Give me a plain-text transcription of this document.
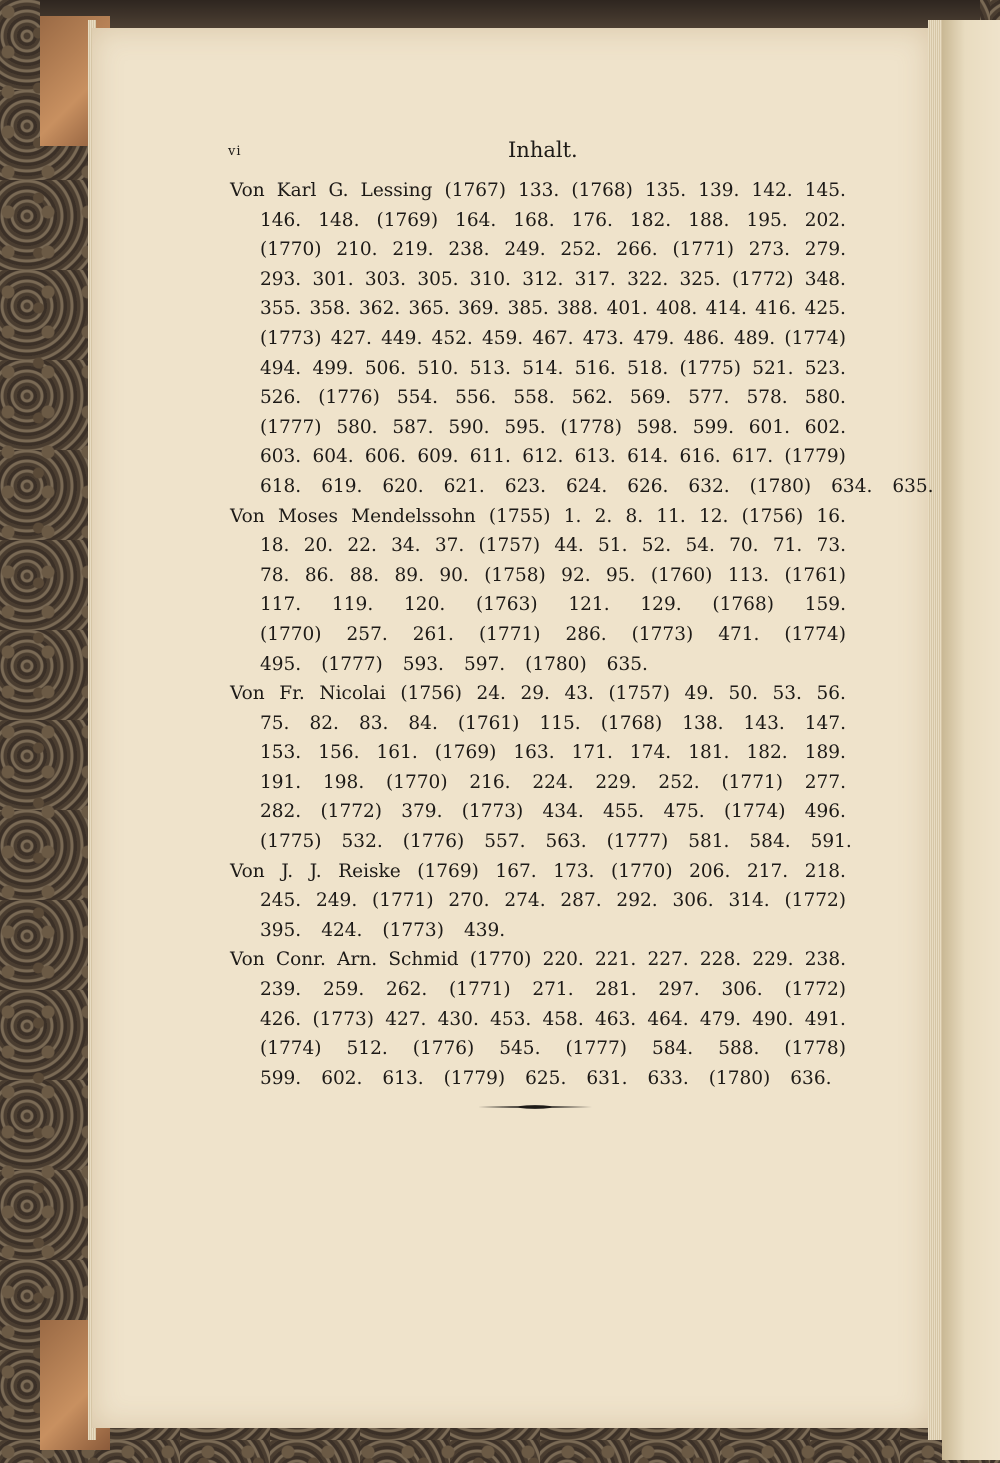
vi	Inhalt.
Von Karl G. Lessing (1767) 133. (1768) 135. 139. 142. 145.
146. 148. (1769) 164. 168. 176. 182. 188. 195. 202.
(1770) 210. 219. 238. 249. 252. 266. (1771) 273. 279.
293. 301. 303. 305. 310. 312. 317. 322. 325. (1772) 348.
355. 358. 362. 365. 369. 385. 388. 401. 408. 414. 416. 425.
(1773) 427. 449. 452. 459. 467. 473. 479. 486. 489. (1774)
494. 499. 506. 510. 513. 514. 516. 518. (1775) 521. 523.
526. (1776) 554. 556. 558. 562. 569. 577. 578. 580.
(1777) 580. 587. 590. 595. (1778) 598. 599. 601. 602.
603. 604. 606. 609. 611. 612. 613. 614. 616. 617. (1779)
618. 619. 620. 621. 623. 624. 626. 632. (1780) 634. 635.
Von Moses Mendelssohn (1755) 1. 2. 8. 11. 12. (1756) 16.
18. 20. 22. 34. 37. (1757) 44. 51. 52. 54. 70. 71. 73.
78. 86. 88. 89. 90. (1758) 92. 95. (1760) 113. (1761)
117. 119. 120. (1763) 121. 129. (1768) 159.
(1770) 257. 261. (1771) 286. (1773) 471. (1774)
495. (1777) 593. 597. (1780) 635.
Von Fr. Nicolai (1756) 24. 29. 43. (1757) 49. 50. 53. 56.
75. 82. 83. 84. (1761) 115. (1768) 138. 143. 147.
153. 156. 161. (1769) 163. 171. 174. 181. 182. 189.
191. 198. (1770) 216. 224. 229. 252. (1771) 277.
282. (1772) 379. (1773) 434. 455. 475. (1774) 496.
(1775) 532. (1776) 557. 563. (1777) 581. 584. 591.
Von J. J. Reiske (1769) 167. 173. (1770) 206. 217. 218.
245. 249. (1771) 270. 274. 287. 292. 306. 314. (1772)
395. 424. (1773) 439.
Von Conr. Arn. Schmid (1770) 220. 221. 227. 228. 229. 238.
239. 259. 262. (1771) 271. 281. 297. 306. (1772)
426. (1773) 427. 430. 453. 458. 463. 464. 479. 490. 491.
(1774) 512. (1776) 545. (1777) 584. 588. (1778)
599. 602. 613. (1779) 625. 631. 633. (1780) 636.
